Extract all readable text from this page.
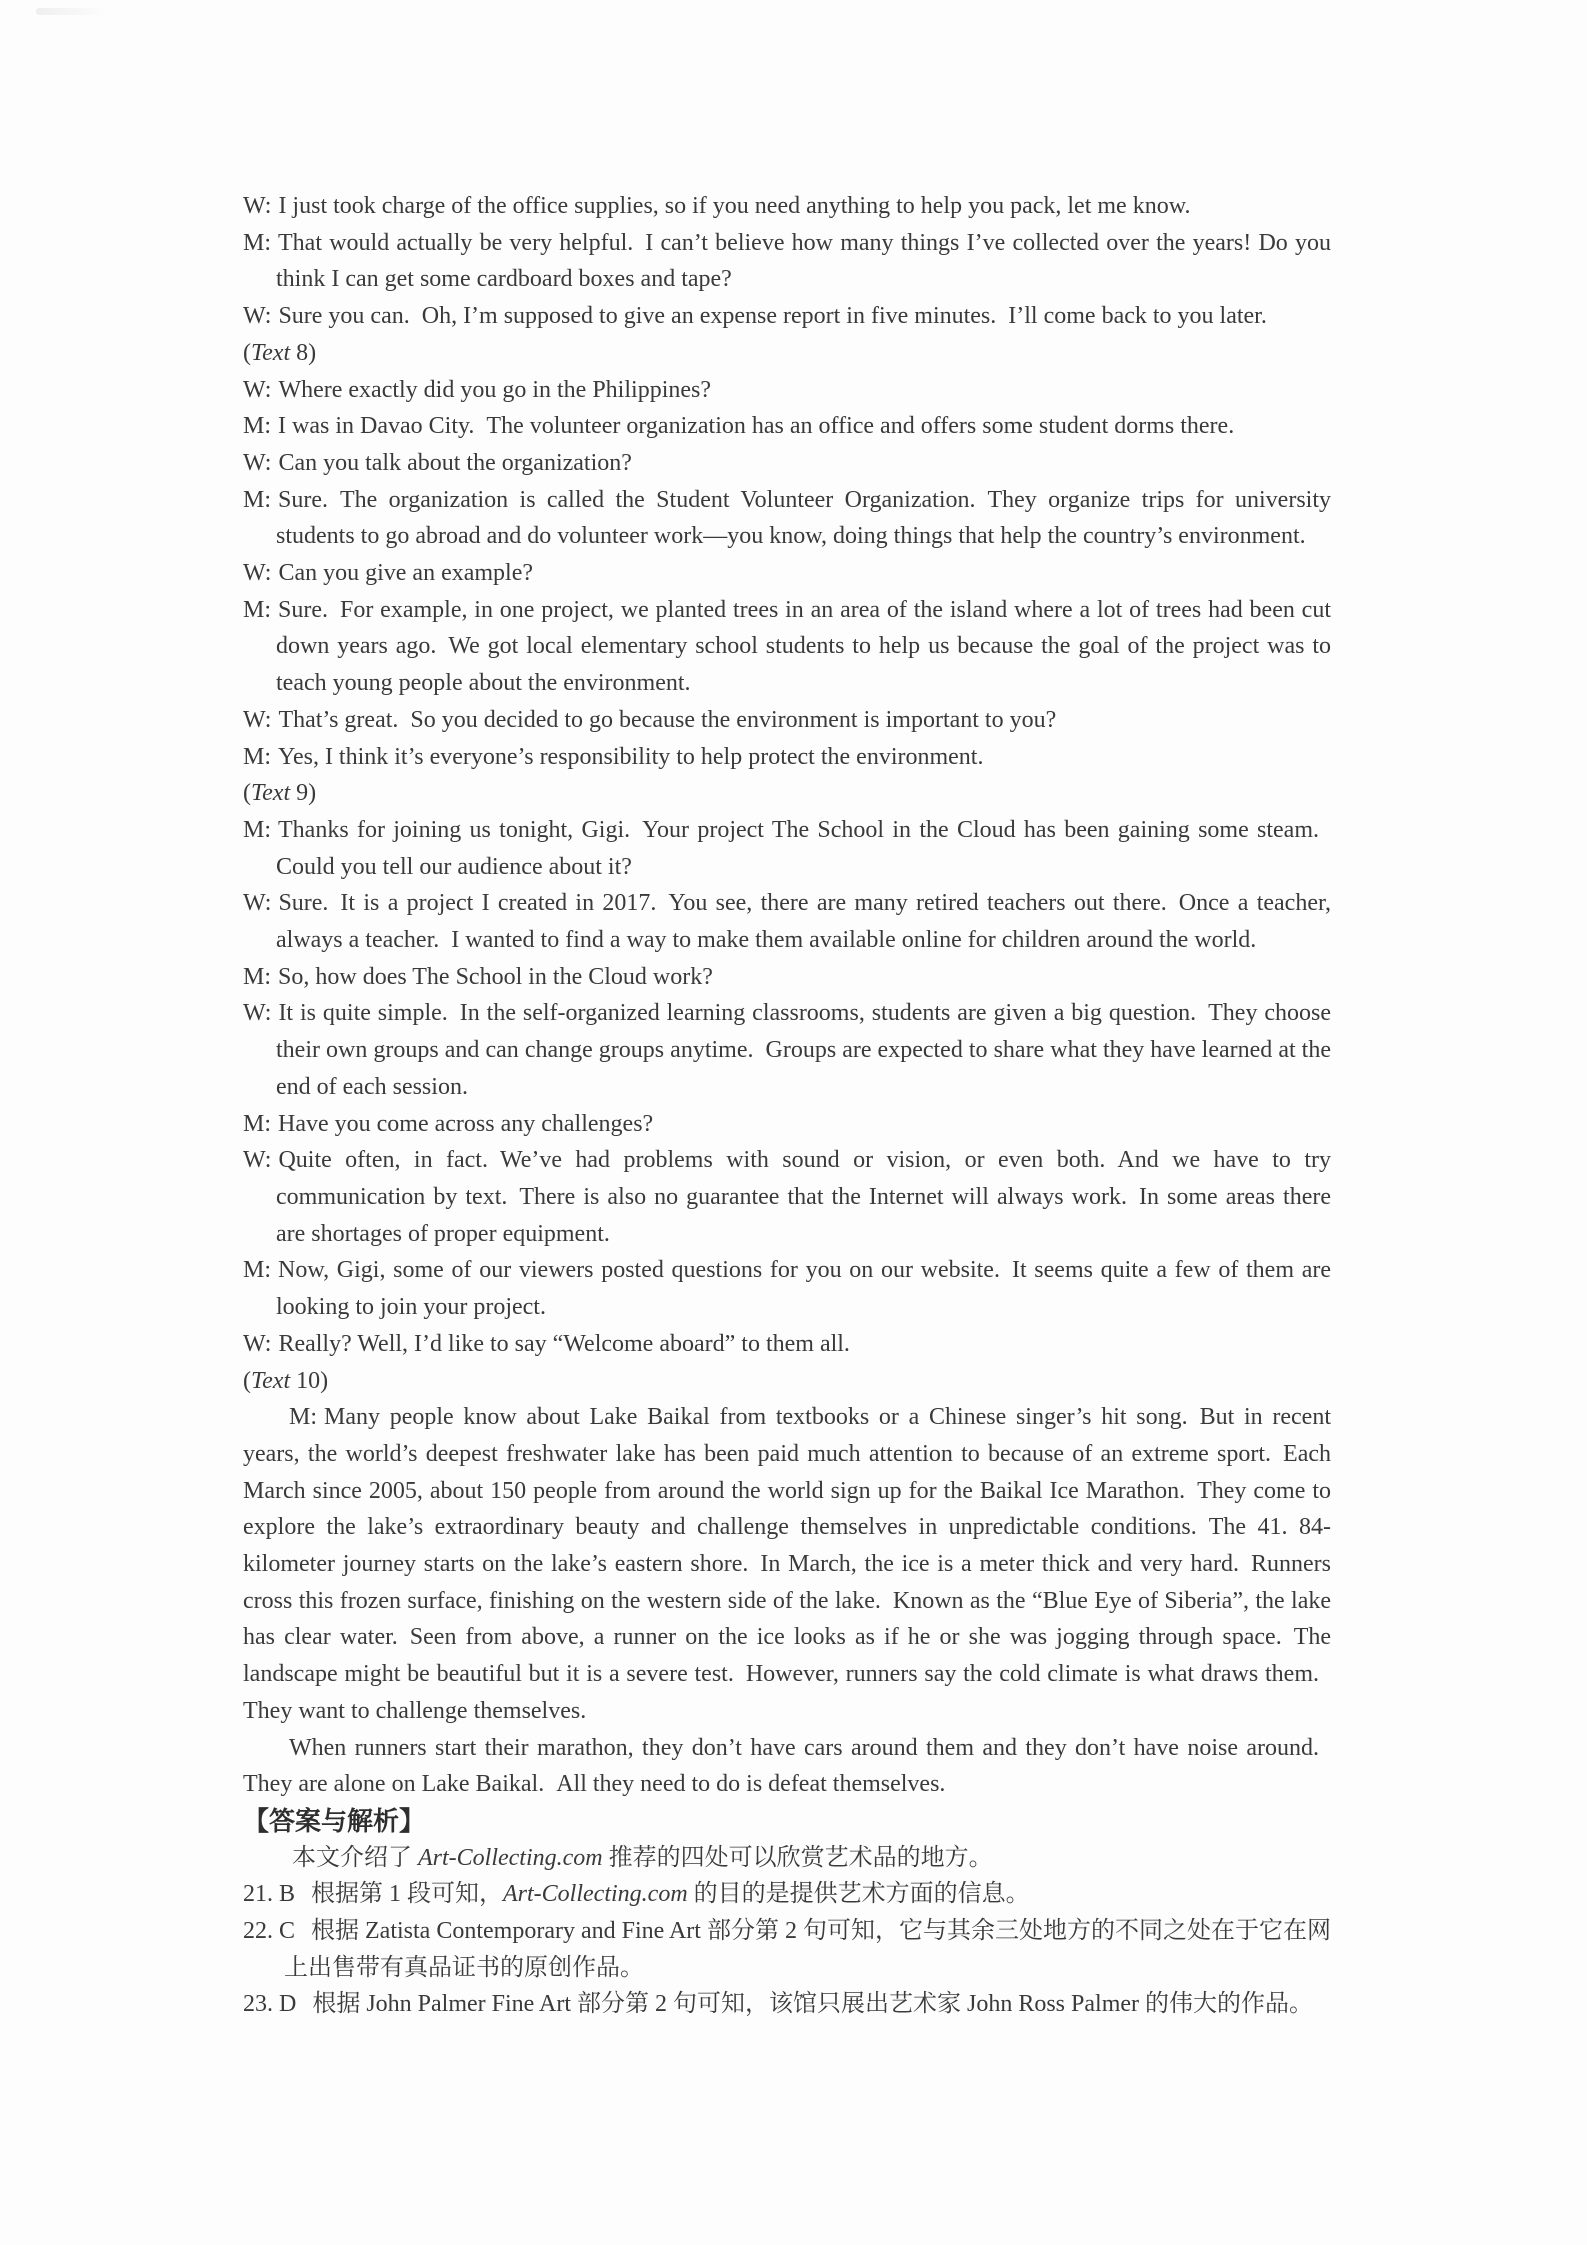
W: I just took charge of the office supplies, so if you need anything to help you pack, let me know.

M: That would actually be very helpful. I can’t believe how many things I’ve collected over the years! Do you think I can get some cardboard boxes and tape?

W: Sure you can. Oh, I’m supposed to give an expense report in five minutes. I’ll come back to you later.

(Text 8)

W: Where exactly did you go in the Philippines?

M: I was in Davao City. The volunteer organization has an office and offers some student dorms there.

W: Can you talk about the organization?

M: Sure. The organization is called the Student Volunteer Organization. They organize trips for university students to go abroad and do volunteer work—you know, doing things that help the country’s environment.

W: Can you give an example?

M: Sure. For example, in one project, we planted trees in an area of the island where a lot of trees had been cut down years ago. We got local elementary school students to help us because the goal of the project was to teach young people about the environment.

W: That’s great. So you decided to go because the environment is important to you?

M: Yes, I think it’s everyone’s responsibility to help protect the environment.

(Text 9)

M: Thanks for joining us tonight, Gigi. Your project The School in the Cloud has been gaining some steam. Could you tell our audience about it?

W: Sure. It is a project I created in 2017. You see, there are many retired teachers out there. Once a teacher, always a teacher. I wanted to find a way to make them available online for children around the world.

M: So, how does The School in the Cloud work?

W: It is quite simple. In the self-organized learning classrooms, students are given a big question. They choose their own groups and can change groups anytime. Groups are expected to share what they have learned at the end of each session.

M: Have you come across any challenges?

W: Quite often, in fact. We’ve had problems with sound or vision, or even both. And we have to try communication by text. There is also no guarantee that the Internet will always work. In some areas there are shortages of proper equipment.

M: Now, Gigi, some of our viewers posted questions for you on our website. It seems quite a few of them are looking to join your project.

W: Really? Well, I’d like to say “Welcome aboard” to them all.

(Text 10)

M: Many people know about Lake Baikal from textbooks or a Chinese singer’s hit song. But in recent years, the world’s deepest freshwater lake has been paid much attention to because of an extreme sport. Each March since 2005, about 150 people from around the world sign up for the Baikal Ice Marathon. They come to explore the lake’s extraordinary beauty and challenge themselves in unpredictable conditions. The 41. 84-kilometer journey starts on the lake’s eastern shore. In March, the ice is a meter thick and very hard. Runners cross this frozen surface, finishing on the western side of the lake. Known as the “Blue Eye of Siberia”, the lake has clear water. Seen from above, a runner on the ice looks as if he or she was jogging through space. The landscape might be beautiful but it is a severe test. However, runners say the cold climate is what draws them. They want to challenge themselves.

When runners start their marathon, they don’t have cars around them and they don’t have noise around. They are alone on Lake Baikal. All they need to do is defeat themselves.

【答案与解析】

本文介绍了 Art-Collecting.com 推荐的四处可以欣赏艺术品的地方。

21. B 根据第 1 段可知，Art-Collecting.com 的目的是提供艺术方面的信息。

22. C 根据 Zatista Contemporary and Fine Art 部分第 2 句可知，它与其余三处地方的不同之处在于它在网上出售带有真品证书的原创作品。

23. D 根据 John Palmer Fine Art 部分第 2 句可知，该馆只展出艺术家 John Ross Palmer 的伟大的作品。
